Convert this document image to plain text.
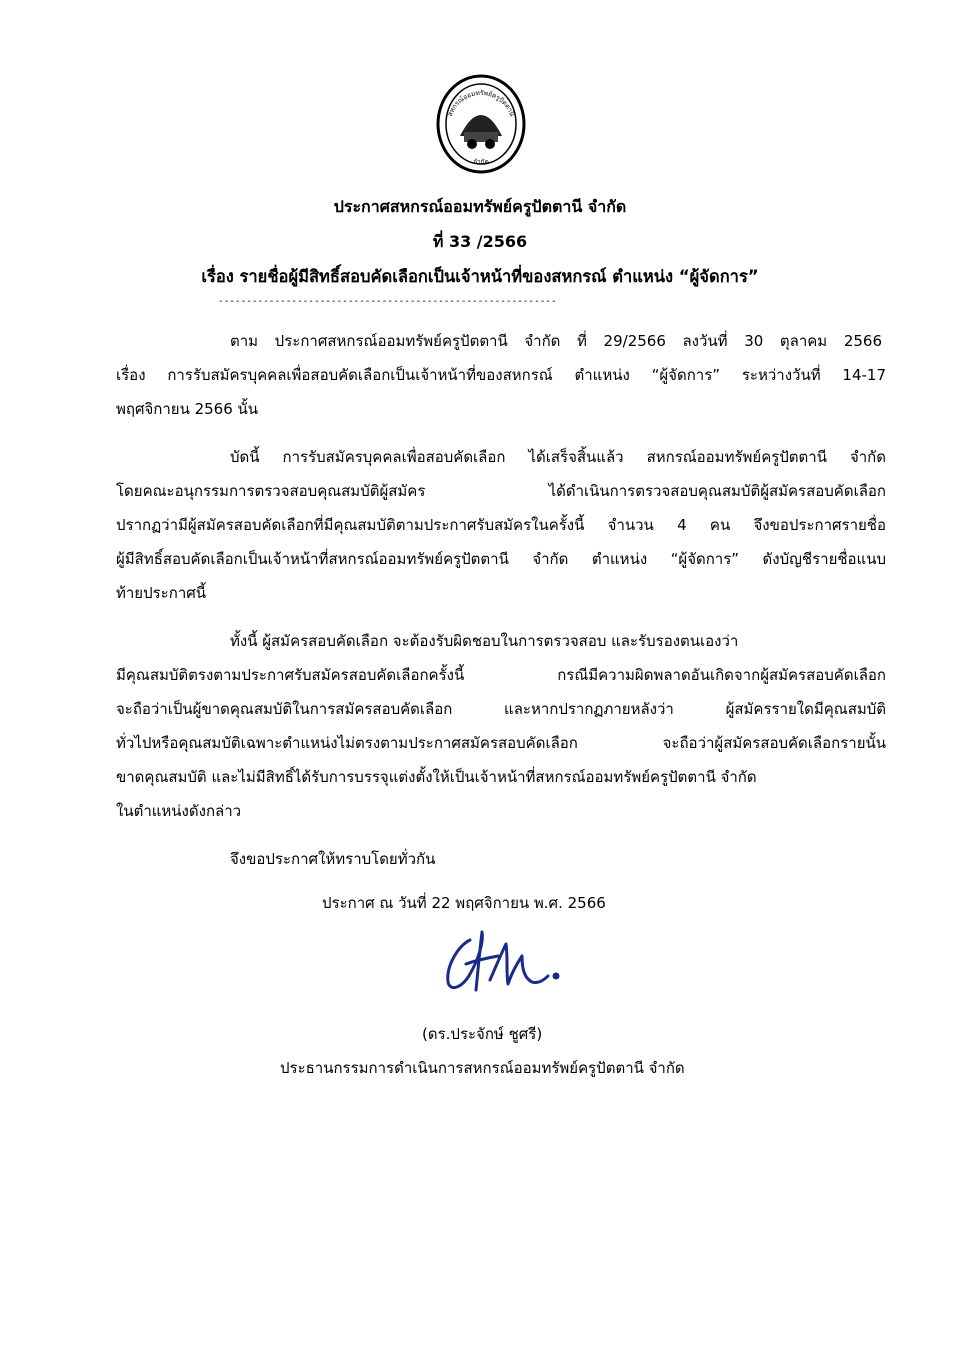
สหกรณ์ออมทรัพย์ครูปัตตานี
จำกัด
ประกาศสหกรณ์ออมทรัพย์ครูปัตตานี จำกัด
ที่ 33 /2566
เรื่อง รายชื่อผู้มีสิทธิ์สอบคัดเลือกเป็นเจ้าหน้าที่ของสหกรณ์ ตำแหน่ง “ผู้จัดการ”
------------------------------------------------------------
ตาม ประกาศสหกรณ์ออมทรัพย์ครูปัตตานี จำกัด ที่ 29/2566 ลงวันที่ 30 ตุลาคม 2566
เรื่อง การรับสมัครบุคคลเพื่อสอบคัดเลือกเป็นเจ้าหน้าที่ของสหกรณ์ ตำแหน่ง “ผู้จัดการ” ระหว่างวันที่ 14-17
พฤศจิกายน 2566 นั้น
บัดนี้ การรับสมัครบุคคลเพื่อสอบคัดเลือก ได้เสร็จสิ้นแล้ว สหกรณ์ออมทรัพย์ครูปัตตานี จำกัด
โดยคณะอนุกรรมการตรวจสอบคุณสมบัติผู้สมัคร ได้ดำเนินการตรวจสอบคุณสมบัติผู้สมัครสอบคัดเลือก
ปรากฏว่ามีผู้สมัครสอบคัดเลือกที่มีคุณสมบัติตามประกาศรับสมัครในครั้งนี้ จำนวน 4 คน จึงขอประกาศรายชื่อ
ผู้มีสิทธิ์สอบคัดเลือกเป็นเจ้าหน้าที่สหกรณ์ออมทรัพย์ครูปัตตานี จำกัด ตำแหน่ง “ผู้จัดการ” ดังบัญชีรายชื่อแนบ
ท้ายประกาศนี้
ทั้งนี้ ผู้สมัครสอบคัดเลือก จะต้องรับผิดชอบในการตรวจสอบ และรับรองตนเองว่า
มีคุณสมบัติตรงตามประกาศรับสมัครสอบคัดเลือกครั้งนี้ กรณีมีความผิดพลาดอันเกิดจากผู้สมัครสอบคัดเลือก
จะถือว่าเป็นผู้ขาดคุณสมบัติในการสมัครสอบคัดเลือก และหากปรากฏภายหลังว่า ผู้สมัครรายใดมีคุณสมบัติ
ทั่วไปหรือคุณสมบัติเฉพาะตำแหน่งไม่ตรงตามประกาศสมัครสอบคัดเลือก จะถือว่าผู้สมัครสอบคัดเลือกรายนั้น
ขาดคุณสมบัติ และไม่มีสิทธิ์ได้รับการบรรจุแต่งตั้งให้เป็นเจ้าหน้าที่สหกรณ์ออมทรัพย์ครูปัตตานี จำกัด
ในตำแหน่งดังกล่าว
จึงขอประกาศให้ทราบโดยทั่วกัน
ประกาศ ณ วันที่ 22 พฤศจิกายน พ.ศ. 2566
(ดร.ประจักษ์ ชูศรี)
ประธานกรรมการดำเนินการสหกรณ์ออมทรัพย์ครูปัตตานี จำกัด
